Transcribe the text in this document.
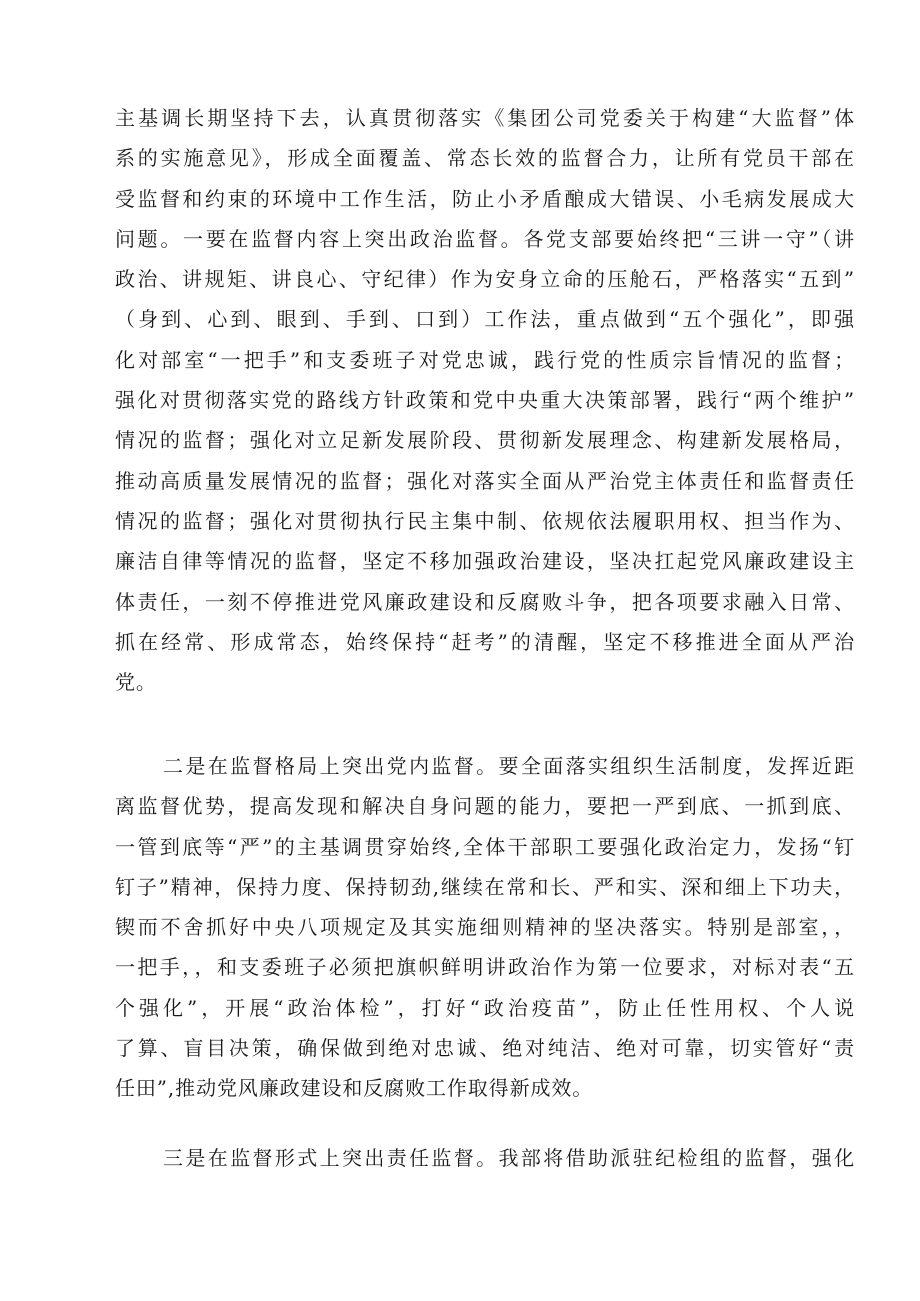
主基调长期坚持下去，认真贯彻落实《集团公司党委关于构建“大监督”体
系的实施意见》，形成全面覆盖、常态长效的监督合力，让所有党员干部在
受监督和约束的环境中工作生活，防止小矛盾酿成大错误、小毛病发展成大
问题。一要在监督内容上突出政治监督。各党支部要始终把“三讲一守”（讲
政治、讲规矩、讲良心、守纪律）作为安身立命的压舱石，严格落实“五到”
（身到、心到、眼到、手到、口到）工作法，重点做到“五个强化”，即强
化对部室“一把手”和支委班子对党忠诚，践行党的性质宗旨情况的监督；
强化对贯彻落实党的路线方针政策和党中央重大决策部署，践行“两个维护”
情况的监督；强化对立足新发展阶段、贯彻新发展理念、构建新发展格局，
推动高质量发展情况的监督；强化对落实全面从严治党主体责任和监督责任
情况的监督；强化对贯彻执行民主集中制、依规依法履职用权、担当作为、
廉洁自律等情况的监督，坚定不移加强政治建设，坚决扛起党风廉政建设主
体责任，一刻不停推进党风廉政建设和反腐败斗争，把各项要求融入日常、
抓在经常、形成常态，始终保持“赶考”的清醒，坚定不移推进全面从严治
党。
二是在监督格局上突出党内监督。要全面落实组织生活制度，发挥近距
离监督优势，提高发现和解决自身问题的能力，要把一严到底、一抓到底、
一管到底等“严”的主基调贯穿始终,全体干部职工要强化政治定力，发扬“钉
钉子”精神，保持力度、保持韧劲,继续在常和长、严和实、深和细上下功夫，
锲而不舍抓好中央八项规定及其实施细则精神的坚决落实。特别是部室，，
一把手，，和支委班子必须把旗帜鲜明讲政治作为第一位要求，对标对表“五
个强化”，开展“政治体检”，打好“政治疫苗”，防止任性用权、个人说
了算、盲目决策，确保做到绝对忠诚、绝对纯洁、绝对可靠，切实管好“责
任田”,推动党风廉政建设和反腐败工作取得新成效。
三是在监督形式上突出责任监督。我部将借助派驻纪检组的监督，强化
